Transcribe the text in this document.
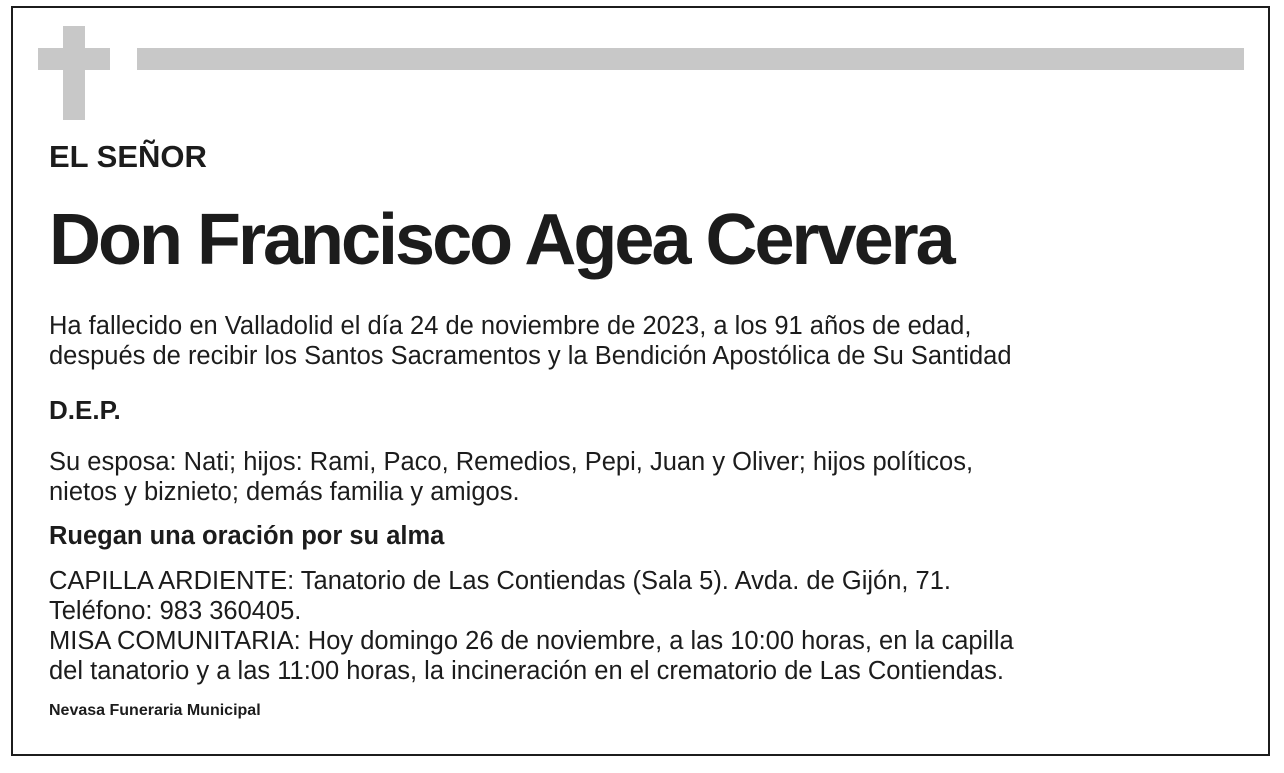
EL SEÑOR

Don Francisco Agea Cervera

Ha fallecido en Valladolid el día 24 de noviembre de 2023, a los 91 años de edad,
después de recibir los Santos Sacramentos y la Bendición Apostólica de Su Santidad

D.E.P.

Su esposa: Nati; hijos: Rami, Paco, Remedios, Pepi, Juan y Oliver; hijos políticos,
nietos y biznieto; demás familia y amigos.

Ruegan una oración por su alma

CAPILLA ARDIENTE: Tanatorio de Las Contiendas (Sala 5). Avda. de Gijón, 71.
Teléfono: 983 360405.
MISA COMUNITARIA: Hoy domingo 26 de noviembre, a las 10:00 horas, en la capilla
del tanatorio y a las 11:00 horas, la incineración en el crematorio de Las Contiendas.

Nevasa Funeraria Municipal
